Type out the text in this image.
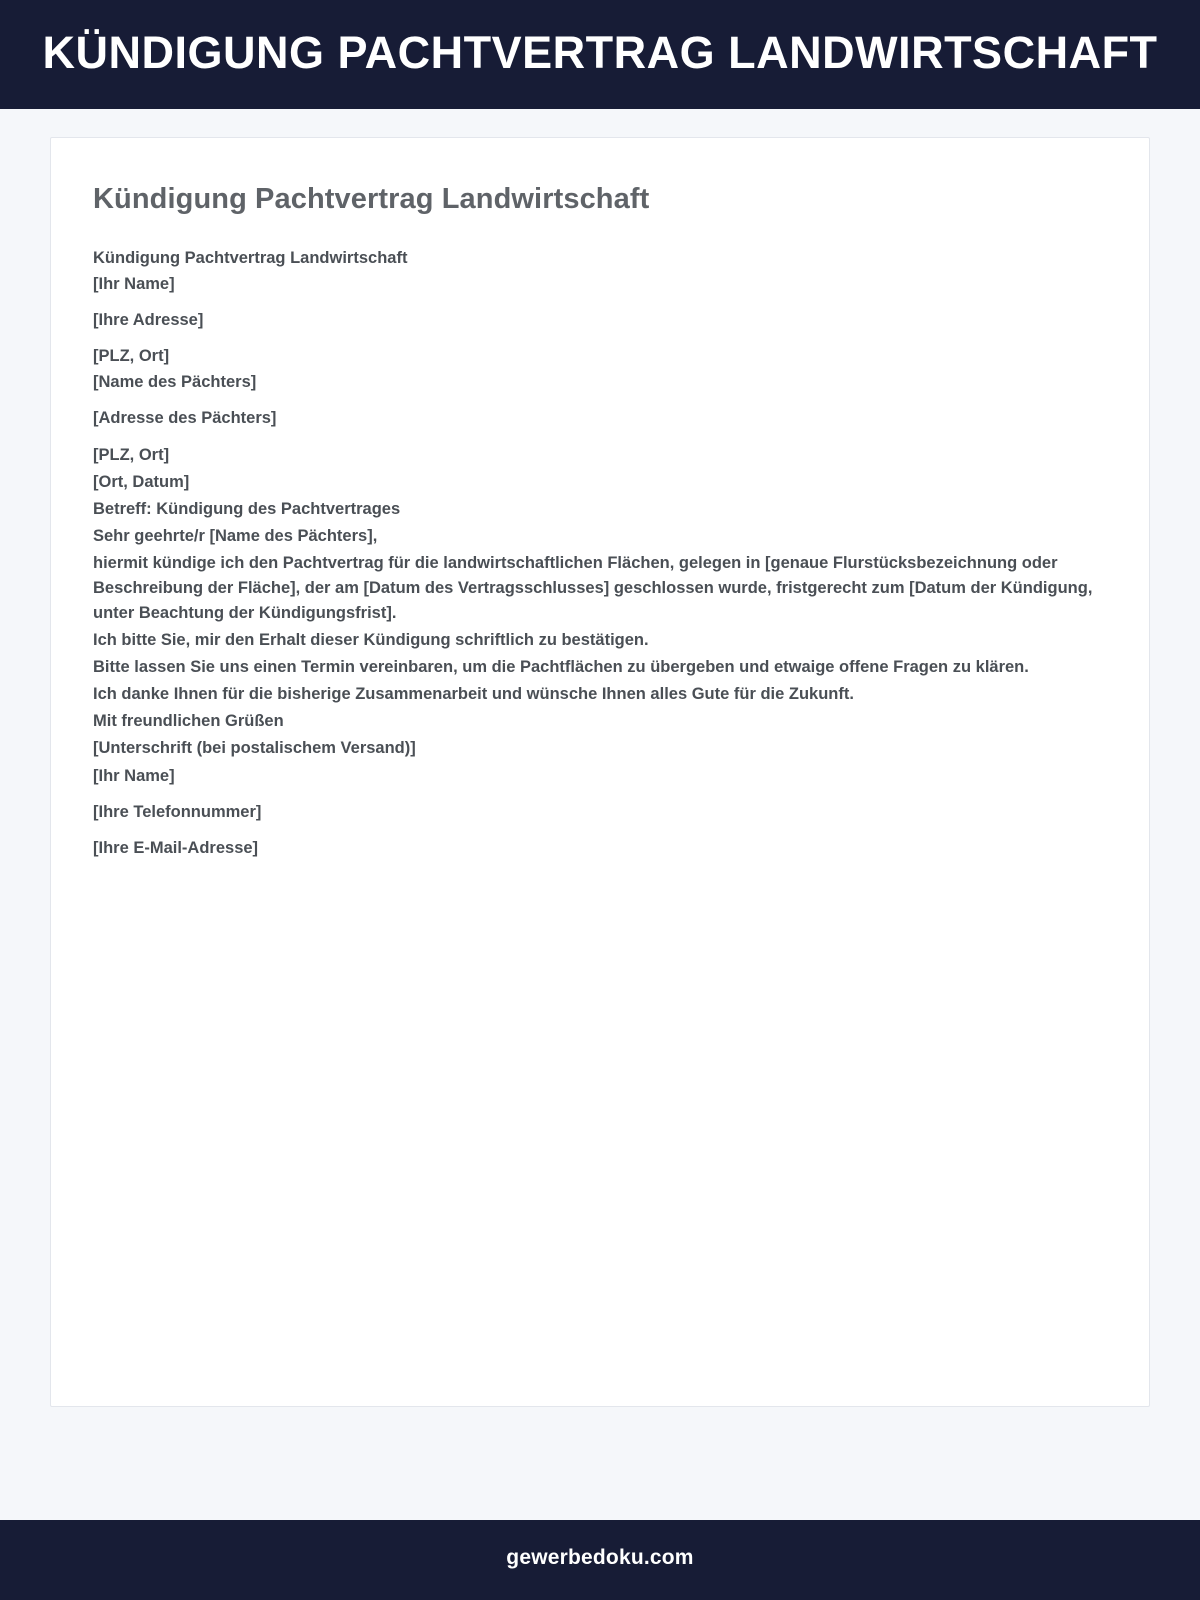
KÜNDIGUNG PACHTVERTRAG LANDWIRTSCHAFT
Kündigung Pachtvertrag Landwirtschaft

Kündigung Pachtvertrag Landwirtschaft

[Ihr Name]

[Ihre Adresse]

[PLZ, Ort]

[Name des Pächters]

[Adresse des Pächters]

[PLZ, Ort]

[Ort, Datum]

Betreff: Kündigung des Pachtvertrages

Sehr geehrte/r [Name des Pächters],

hiermit kündige ich den Pachtvertrag für die landwirtschaftlichen Flächen, gelegen in [genaue Flurstücksbezeichnung oder Beschreibung der Fläche], der am [Datum des Vertragsschlusses] geschlossen wurde, fristgerecht zum [Datum der Kündigung, unter Beachtung der Kündigungsfrist].

Ich bitte Sie, mir den Erhalt dieser Kündigung schriftlich zu bestätigen.

Bitte lassen Sie uns einen Termin vereinbaren, um die Pachtflächen zu übergeben und etwaige offene Fragen zu klären.

Ich danke Ihnen für die bisherige Zusammenarbeit und wünsche Ihnen alles Gute für die Zukunft.

Mit freundlichen Grüßen

[Unterschrift (bei postalischem Versand)]

[Ihr Name]

[Ihre Telefonnummer]

[Ihre E-Mail-Adresse]

gewerbedoku.com
